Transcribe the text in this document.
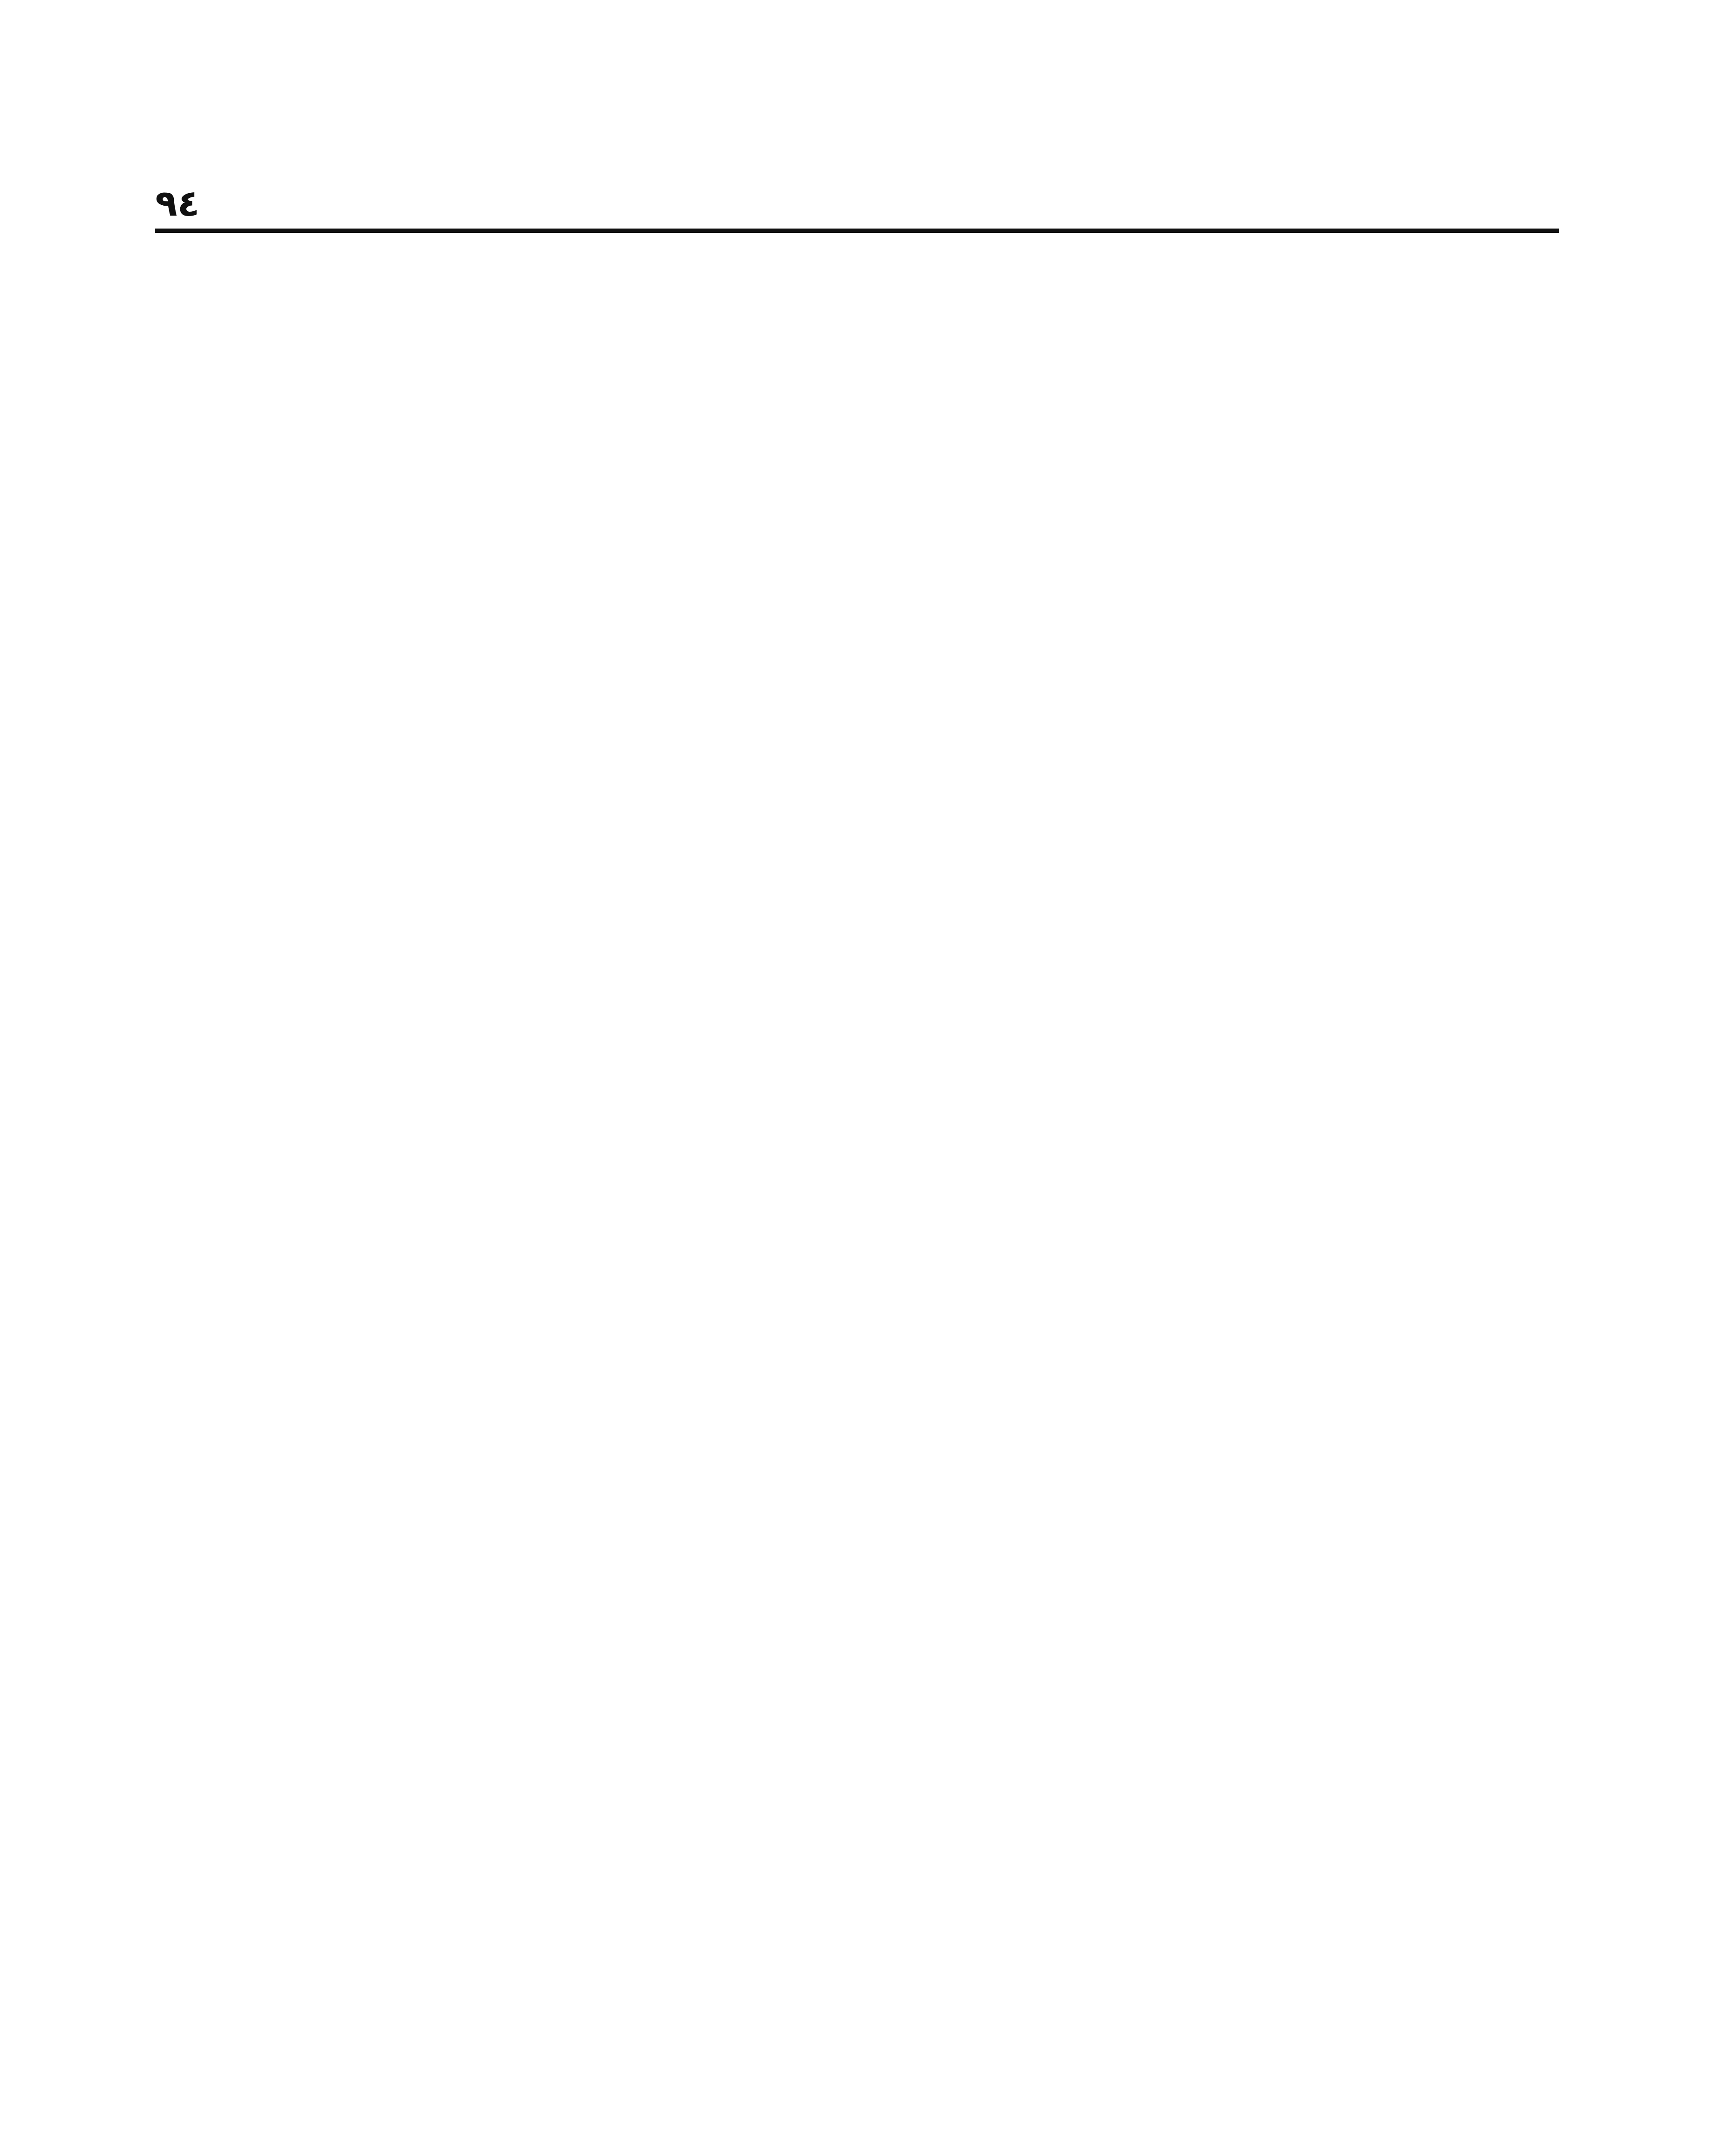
٩٤
